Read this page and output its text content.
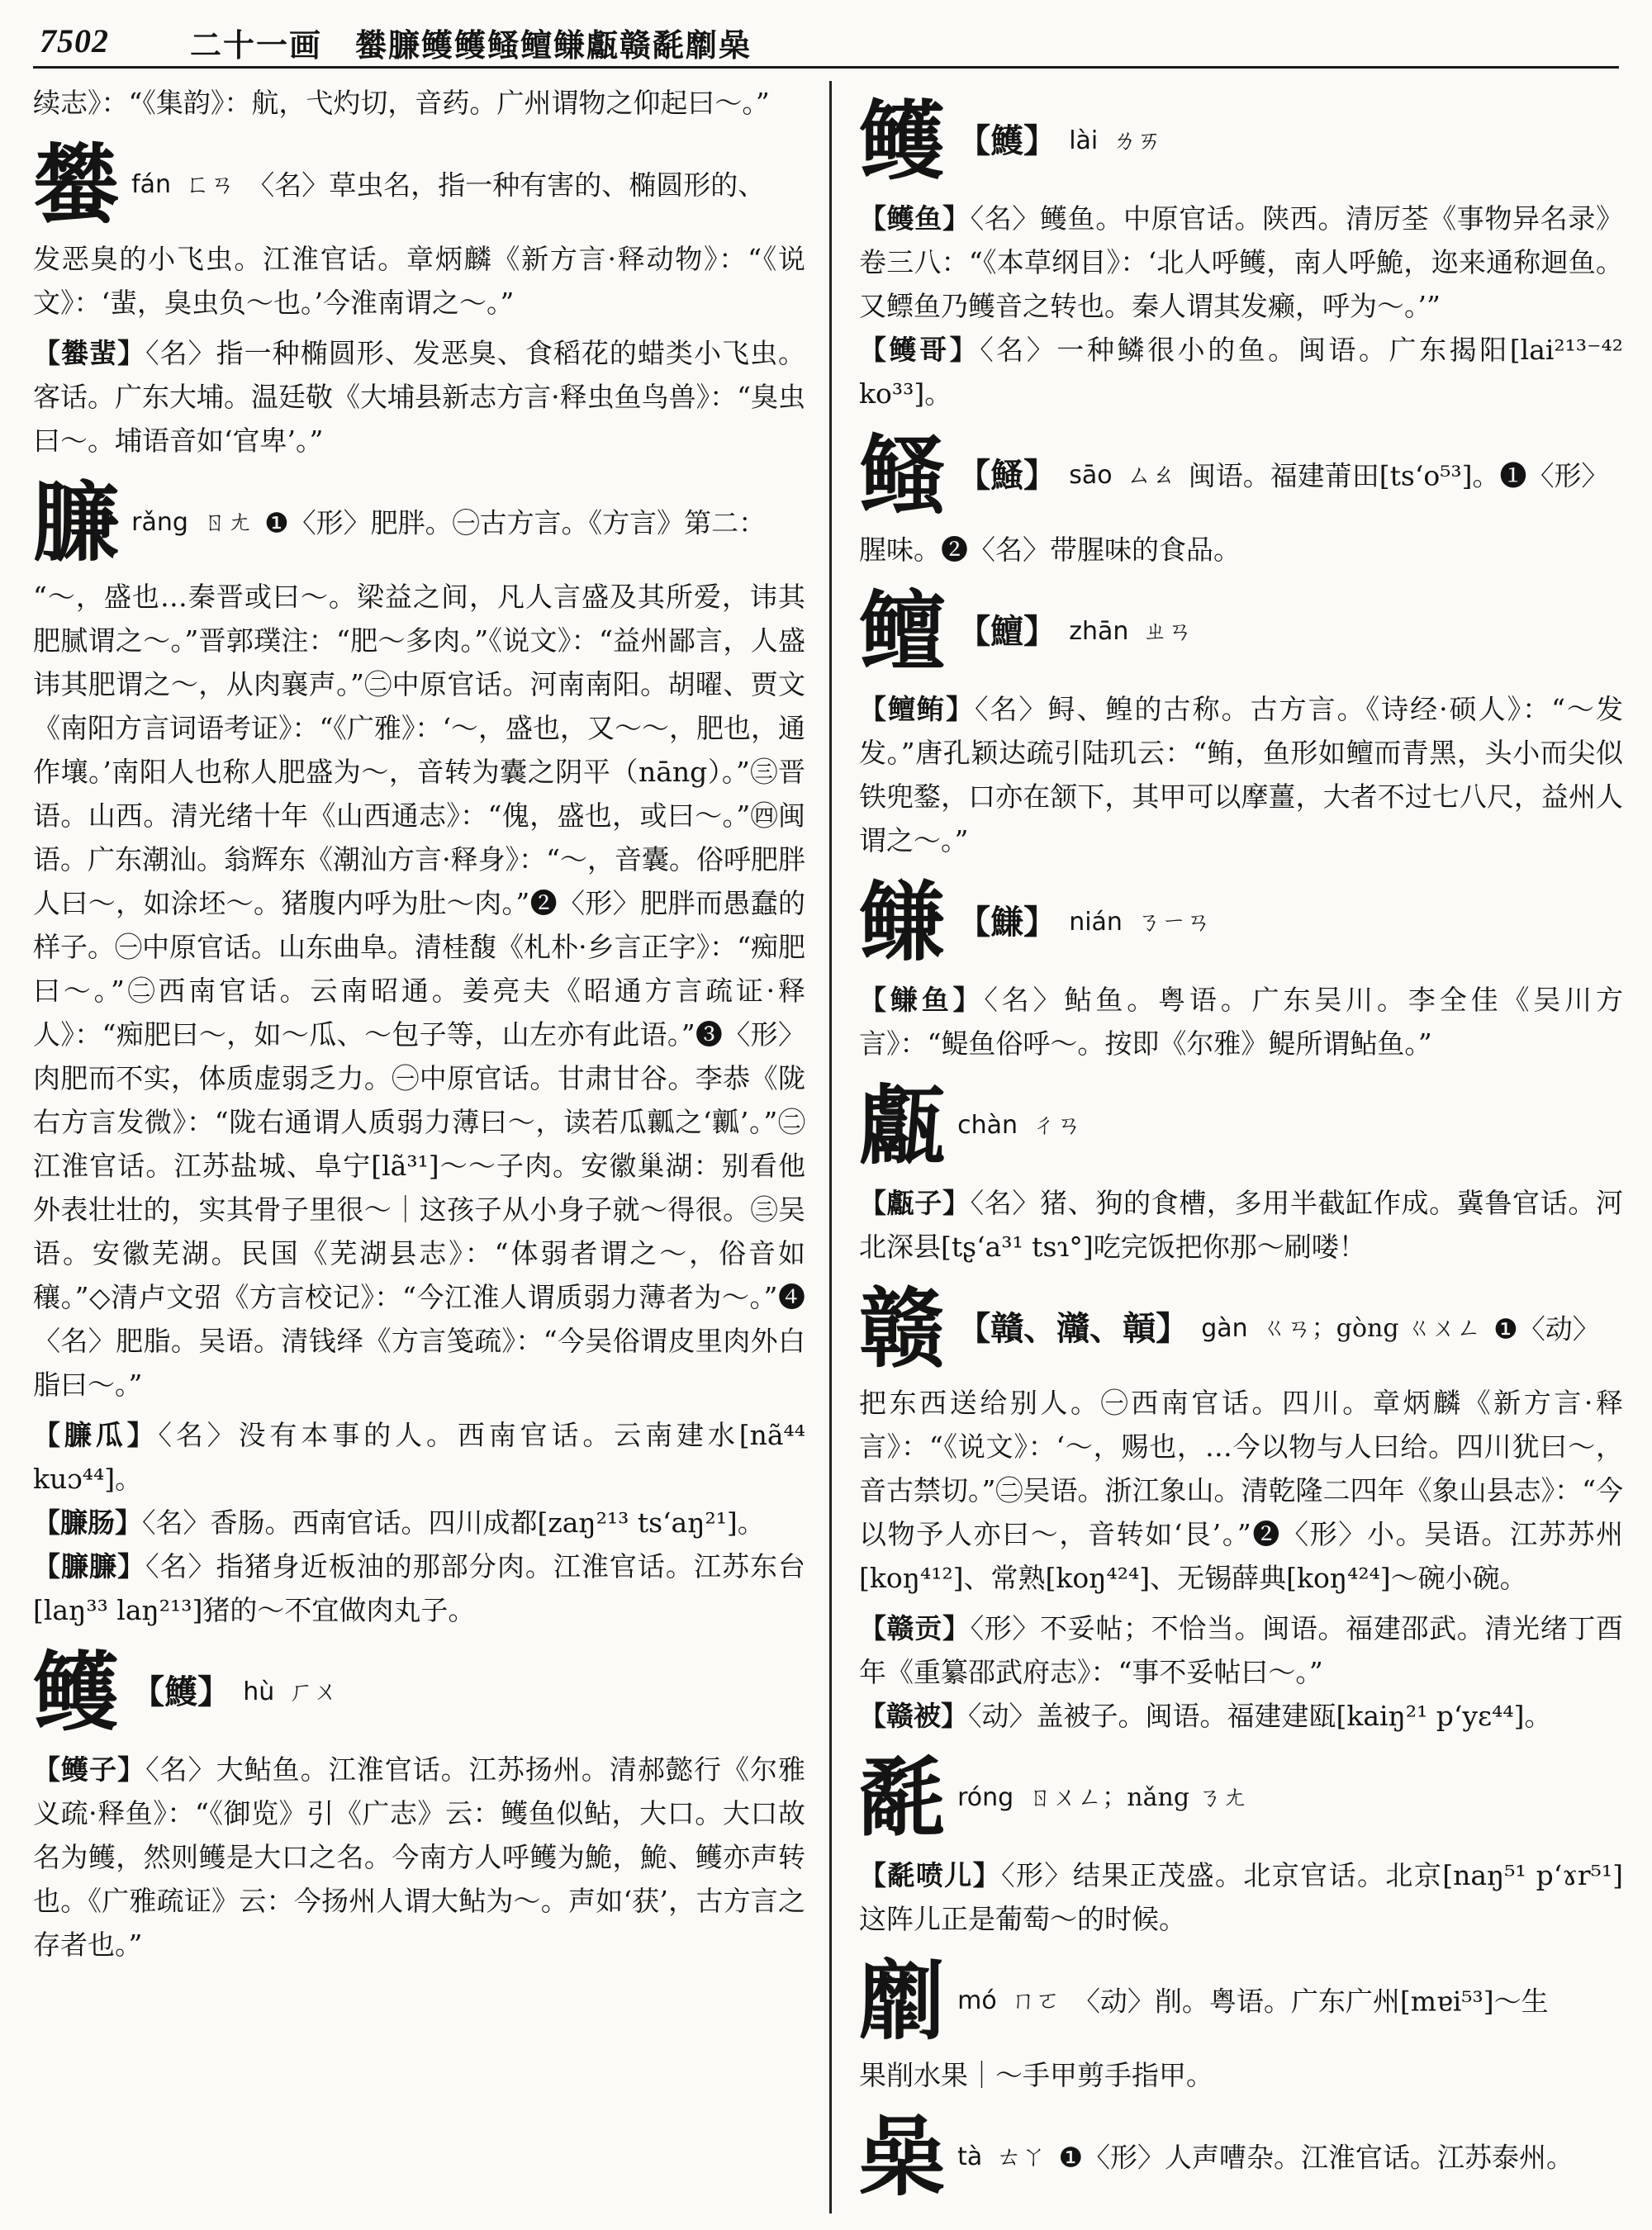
7502	二十一画　蠜臁鳠鳠鳋鳣鳒甗赣氄劘喿

续志》：“《集韵》：航，弋灼切，音药。广州谓物之仰起曰～。”

蠜 fán ㄈㄢ 〈名〉草虫名，指一种有害的、椭圆形的、

发恶臭的小飞虫。江淮官话。章炳麟《新方言·释动物》：“《说文》：‘蜚，臭虫负～也。’今淮南谓之～。”

【蠜蜚】〈名〉指一种椭圆形、发恶臭、食稻花的蜡类小飞虫。客话。广东大埔。温廷敬《大埔县新志方言·释虫鱼鸟兽》：“臭虫曰～。埔语音如‘官卑’。”

臁 rǎng ㄖㄤ ❶〈形〉肥胖。㊀古方言。《方言》第二：

“～，盛也…秦晋或曰～。梁益之间，凡人言盛及其所爱，讳其肥腻谓之～。”晋郭璞注：“肥～多肉。”《说文》：“益州鄙言，人盛讳其肥谓之～，从肉襄声。”㊁中原官话。河南南阳。胡曜、贾文《南阳方言词语考证》：“《广雅》：‘～，盛也，又～～，肥也，通作壤。’南阳人也称人肥盛为～，音转为囊之阴平（nāng）。”㊂晋语。山西。清光绪十年《山西通志》：“傀，盛也，或曰～。”㊃闽语。广东潮汕。翁辉东《潮汕方言·释身》：“～，音囊。俗呼肥胖人曰～，如涂坯～。猪腹内呼为肚～肉。”❷〈形〉肥胖而愚蠢的样子。㊀中原官话。山东曲阜。清桂馥《札朴·乡言正字》：“痴肥曰～。”㊁西南官话。云南昭通。姜亮夫《昭通方言疏证·释人》：“痴肥曰～，如～瓜、～包子等，山左亦有此语。”❸〈形〉肉肥而不实，体质虚弱乏力。㊀中原官话。甘肃甘谷。李恭《陇右方言发微》：“陇右通谓人质弱力薄曰～，读若瓜瓤之‘瓤’。”㊁江淮官话。江苏盐城、阜宁[lã³¹]～～子肉。安徽巢湖：别看他外表壮壮的，实其骨子里很～｜这孩子从小身子就～得很。㊂吴语。安徽芜湖。民国《芜湖县志》：“体弱者谓之～，俗音如穰。”◇清卢文弨《方言校记》：“今江淮人谓质弱力薄者为～。”❹〈名〉肥脂。吴语。清钱绎《方言笺疏》：“今吴俗谓皮里肉外白脂曰～。”

【臁瓜】〈名〉没有本事的人。西南官话。云南建水[nã⁴⁴ kuɔ⁴⁴]。

【臁肠】〈名〉香肠。西南官话。四川成都[zaŋ²¹³ ts‘aŋ²¹]。

【臁臁】〈名〉指猪身近板油的那部分肉。江淮官话。江苏东台[laŋ³³ laŋ²¹³]猪的～不宜做肉丸子。

鳠 【鱯】 hù ㄏㄨ

【鳠子】〈名〉大鲇鱼。江淮官话。江苏扬州。清郝懿行《尔雅义疏·释鱼》：“《御览》引《广志》云：鳠鱼似鲇，大口。大口故名为鳠，然则鳠是大口之名。今南方人呼鳠为鮠，鮠、鳠亦声转也。《广雅疏证》云：今扬州人谓大鲇为～。声如‘获’，古方言之存者也。”

鳠 【鱯】 lài ㄌㄞ

【鳠鱼】〈名〉鳠鱼。中原官话。陕西。清厉荃《事物异名录》卷三八：“《本草纲目》：‘北人呼鳠，南人呼鮠，迩来通称迴鱼。又鳔鱼乃鳠音之转也。秦人谓其发癞，呼为～。’”

【鳠哥】〈名〉一种鳞很小的鱼。闽语。广东揭阳[lai²¹³⁻⁴² ko³³]。

鳋 【鰠】 sāo ㄙㄠ 闽语。福建莆田[ts‘o⁵³]。❶〈形〉

腥味。❷〈名〉带腥味的食品。

鳣 【鱣】 zhān ㄓㄢ

【鳣鲔】〈名〉鲟、鳇的古称。古方言。《诗经·硕人》：“～发发。”唐孔颖达疏引陆玑云：“鲔，鱼形如鳣而青黑，头小而尖似铁兜鍪，口亦在颔下，其甲可以摩薑，大者不过七八尺，益州人谓之～。”

鳒 【鰜】 nián ㄋㄧㄢ

【鳒鱼】〈名〉鲇鱼。粤语。广东吴川。李全佳《吴川方言》：“鳀鱼俗呼～。按即《尔雅》鳀所谓鲇鱼。”

甗 chàn ㄔㄢ

【甗子】〈名〉猪、狗的食槽，多用半截缸作成。冀鲁官话。河北深县[tʂ‘a³¹ tsɿ°]吃完饭把你那～刷喽！

赣 【贛、灨、贑】 gàn ㄍㄢ；gòng ㄍㄨㄥ ❶〈动〉

把东西送给别人。㊀西南官话。四川。章炳麟《新方言·释言》：“《说文》：‘～，赐也，…今以物与人曰给。四川犹曰～，音古禁切。”㊁吴语。浙江象山。清乾隆二四年《象山县志》：“今以物予人亦曰～，音转如‘艮’。”❷〈形〉小。吴语。江苏苏州[koŋ⁴¹²]、常熟[koŋ⁴²⁴]、无锡薛典[koŋ⁴²⁴]～碗小碗。

【赣贡】〈形〉不妥帖；不恰当。闽语。福建邵武。清光绪丁酉年《重纂邵武府志》：“事不妥帖曰～。”

【赣被】〈动〉盖被子。闽语。福建建瓯[kaiŋ²¹ p‘yɛ⁴⁴]。

氄 róng ㄖㄨㄥ；nǎng ㄋㄤ

【氄喷儿】〈形〉结果正茂盛。北京官话。北京[naŋ⁵¹ p‘ɤr⁵¹]这阵儿正是葡萄～的时候。

劘 mó ㄇㄛ 〈动〉削。粤语。广东广州[mɐi⁵³]～生

果削水果｜～手甲剪手指甲。

喿 tà ㄊㄚ ❶〈形〉人声嘈杂。江淮官话。江苏泰州。
